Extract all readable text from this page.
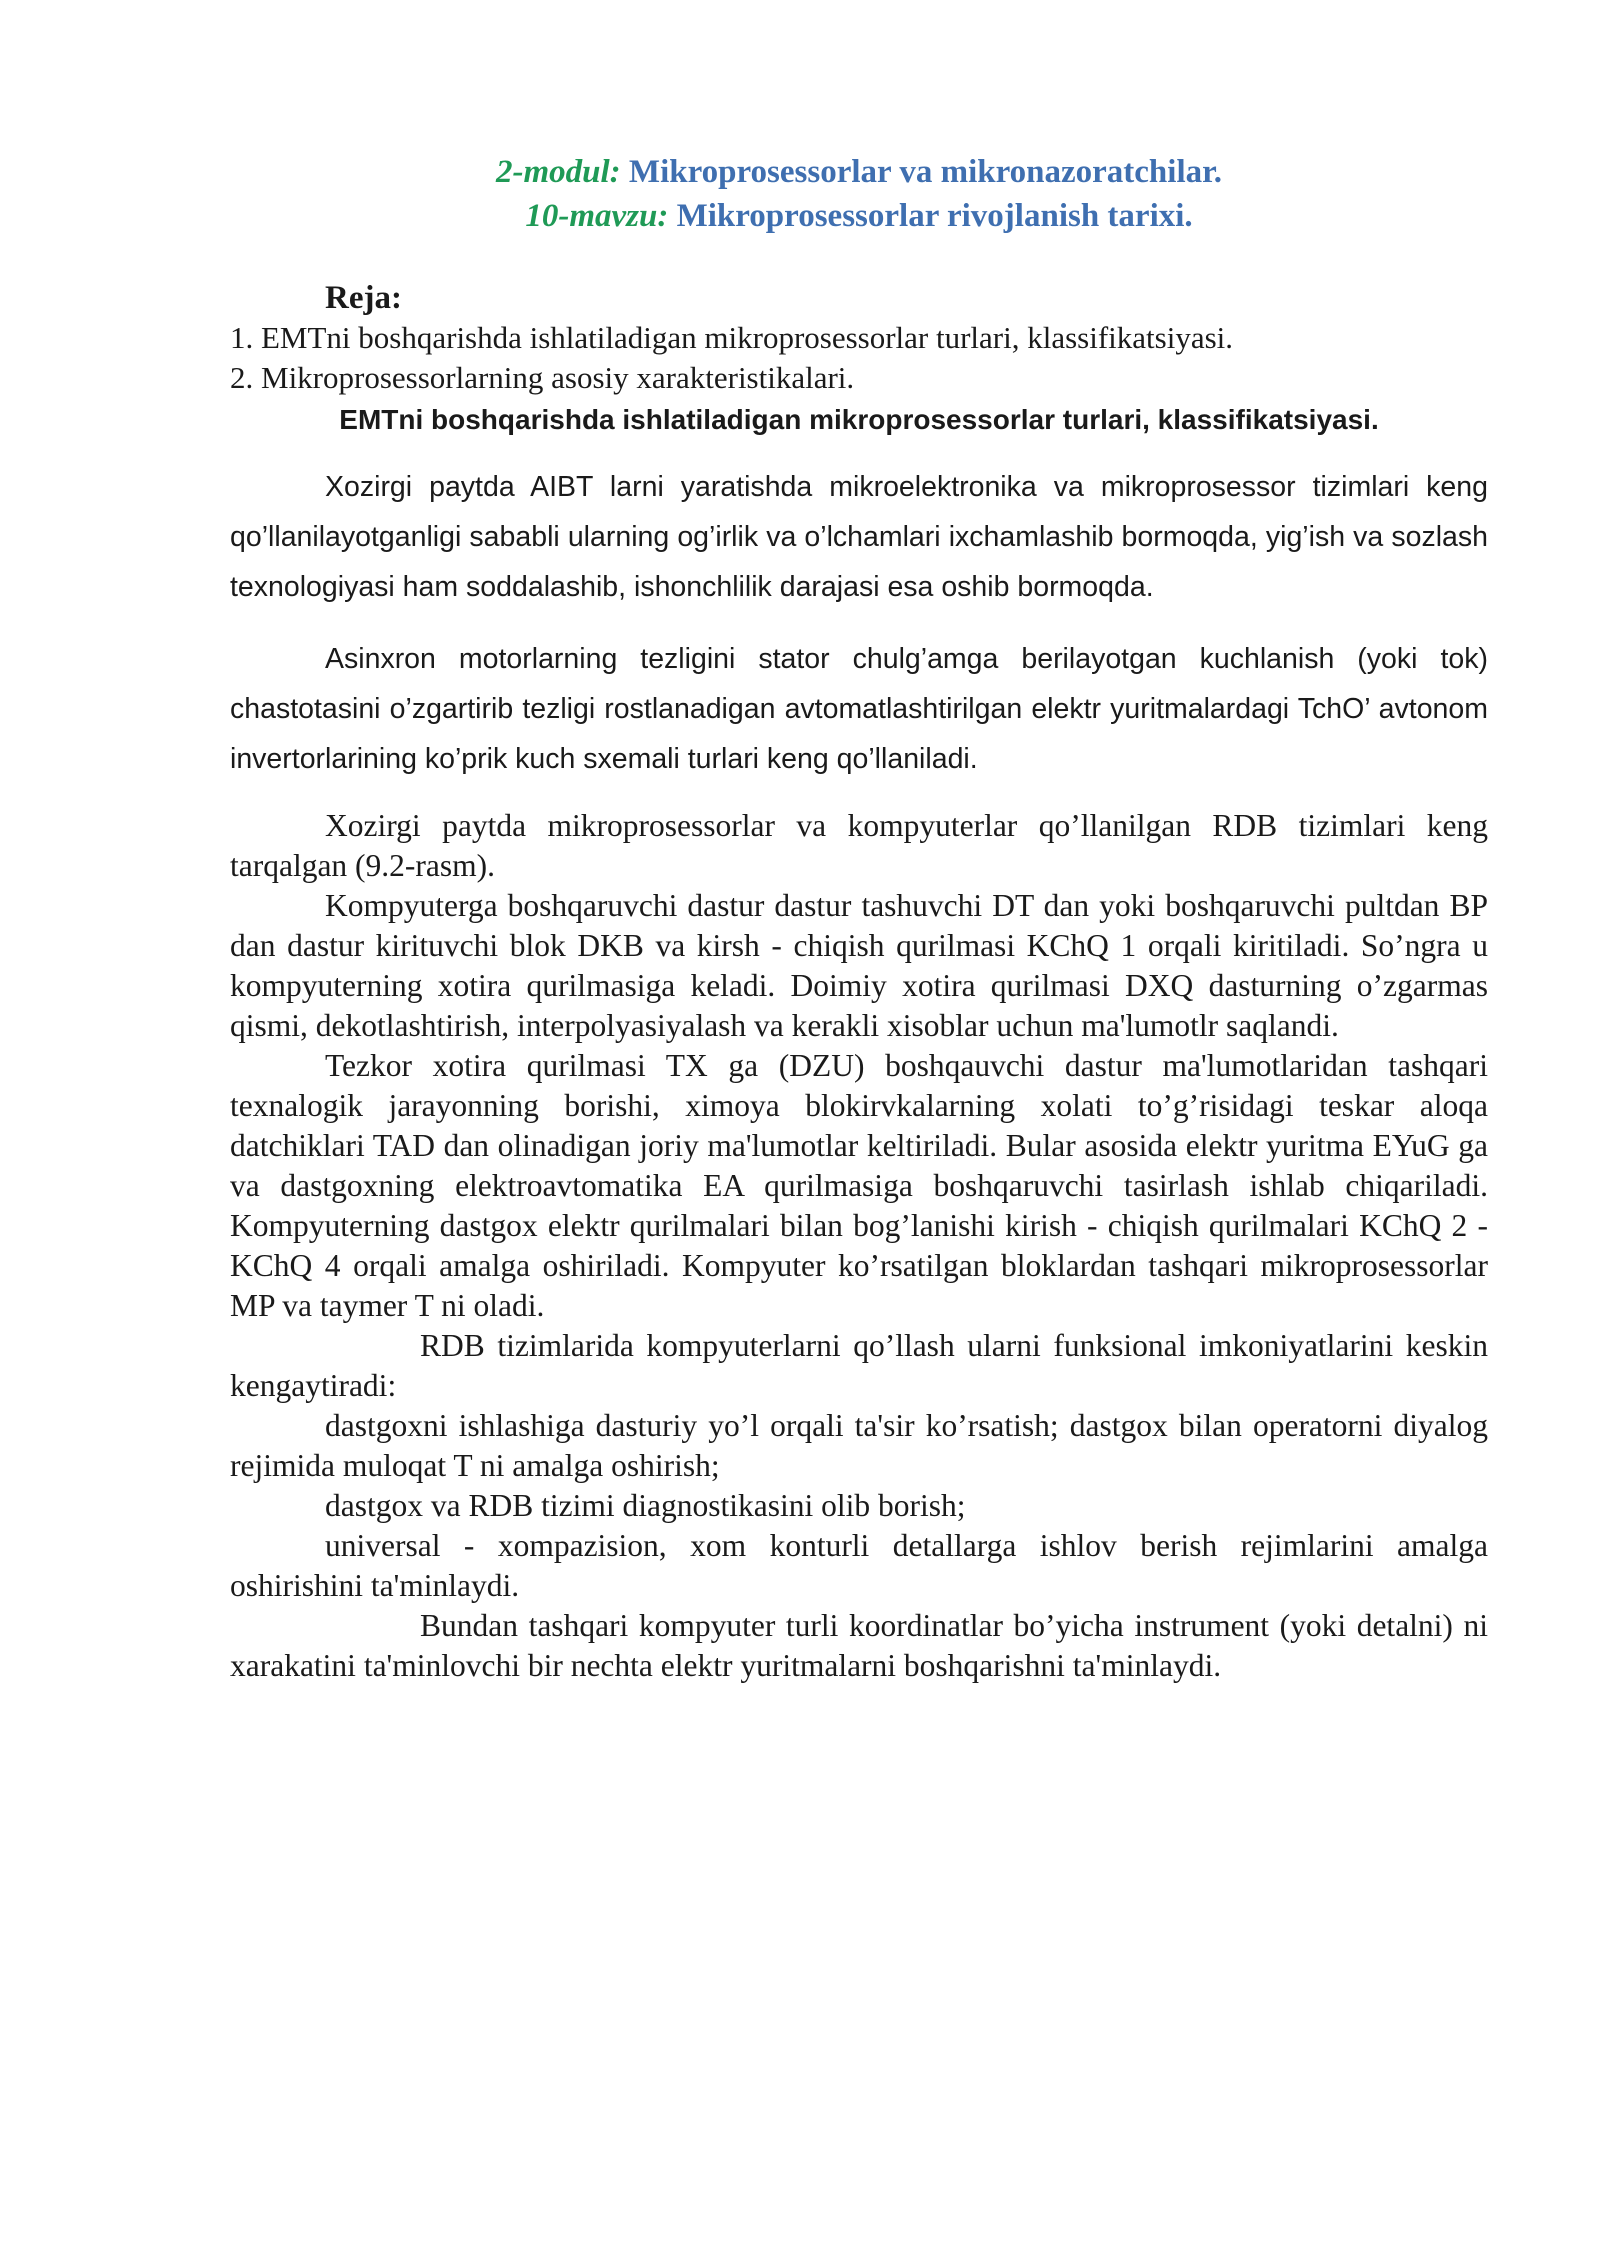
2-modul: Mikroprosessorlar va mikronazoratchilar.

10-mavzu: Mikroprosessorlar rivojlanish tarixi.

Reja:

1. EMTni boshqarishda ishlatiladigan mikroprosessorlar turlari, klassifikatsiyasi.

2. Mikroprosessorlarning asosiy xarakteristikalari.

EMTni boshqarishda ishlatiladigan mikroprosessorlar turlari, klassifikatsiyasi.

Xozirgi paytda AIBT larni yaratishda mikroelektronika va mikroprosessor tizimlari keng qo’llanilayotganligi sababli ularning og’irlik va o’lchamlari ixchamlashib bormoqda, yig’ish va sozlash texnologiyasi ham soddalashib, ishonchlilik darajasi esa oshib bormoqda.

Asinxron motorlarning tezligini stator chulg’amga berilayotgan kuchlanish (yoki tok) chastotasini o’zgartirib tezligi rostlanadigan avtomatlashtirilgan elektr yuritmalardagi TchO’ avtonom invertorlarining ko’prik kuch sxemali turlari keng qo’llaniladi.

Xozirgi paytda mikroprosessorlar va kompyuterlar qo’llanilgan RDB tizimlari keng tarqalgan (9.2-rasm).

Kompyuterga boshqaruvchi dastur dastur tashuvchi DT dan yoki boshqaruvchi pultdan BP dan dastur kirituvchi blok DKB va kirsh - chiqish qurilmasi KChQ 1 orqali kiritiladi. So’ngra u kompyuterning xotira qurilmasiga keladi. Doimiy xotira qurilmasi DXQ dasturning o’zgarmas qismi, dekotlashtirish, interpolyasiyalash va kerakli xisoblar uchun ma'lumotlr saqlandi.

Tezkor xotira qurilmasi TX ga (DZU) boshqauvchi dastur ma'lumotlaridan tashqari texnalogik jarayonning borishi, ximoya blokirvkalarning xolati to’g’risidagi teskar aloqa datchiklari TAD dan olinadigan joriy ma'lumotlar keltiriladi. Bular asosida elektr yuritma EYuG ga va dastgoxning elektroavtomatika EA qurilmasiga boshqaruvchi tasirlash ishlab chiqariladi. Kompyuterning dastgox elektr qurilmalari bilan bog’lanishi kirish - chiqish qurilmalari KChQ 2 - KChQ 4 orqali amalga oshiriladi. Kompyuter ko’rsatilgan bloklardan tashqari mikroprosessorlar MP va taymer T ni oladi.

RDB tizimlarida kompyuterlarni qo’llash ularni funksional imkoniyatlarini keskin kengaytiradi:

dastgoxni ishlashiga dasturiy yo’l orqali ta'sir ko’rsatish; dastgox bilan operatorni diyalog rejimida muloqat T ni amalga oshirish;

dastgox va RDB tizimi diagnostikasini olib borish;

universal - xompazision, xom konturli detallarga ishlov berish rejimlarini amalga oshirishini ta'minlaydi.

Bundan tashqari kompyuter turli koordinatlar bo’yicha instrument (yoki detalni) ni xarakatini ta'minlovchi bir nechta elektr yuritmalarni boshqarishni ta'minlaydi.
